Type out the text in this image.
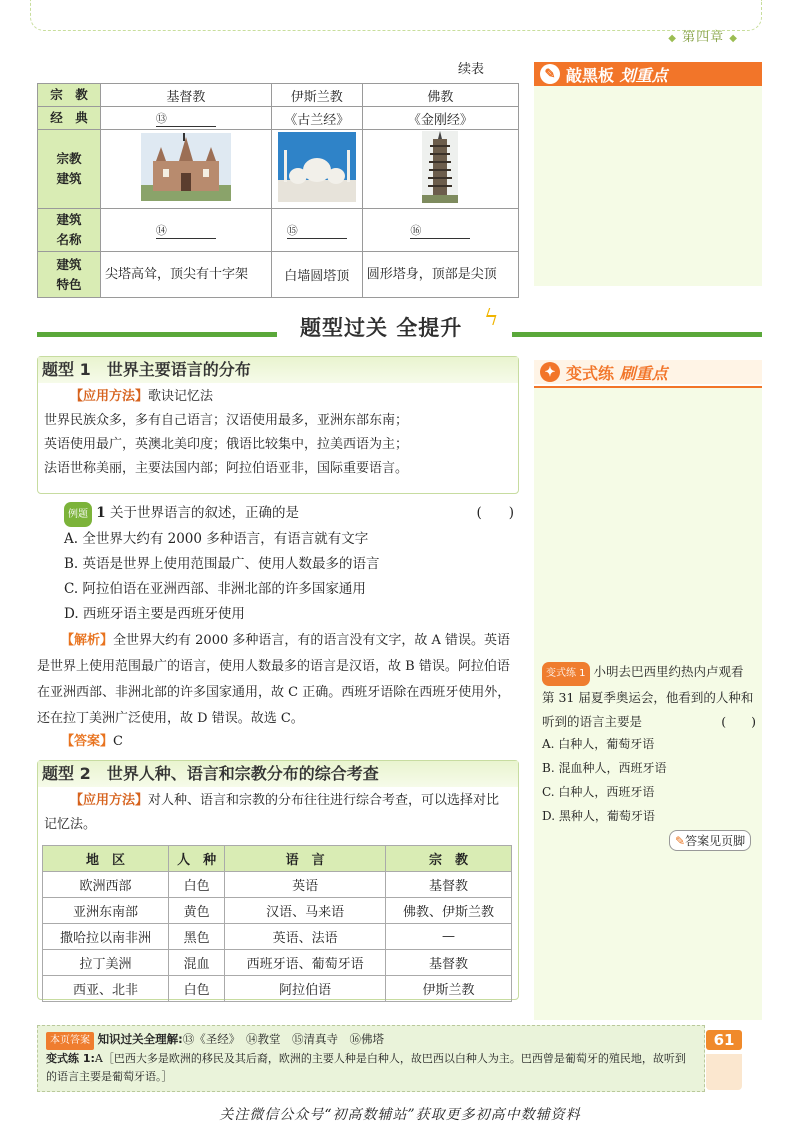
◆ 第四章 ◆
✎ 敲黑板
划重点
续表
宗　教	基督教	伊斯兰教	佛教
经　典	⑬	《古兰经》	《金刚经》
宗教
建筑			
建筑
名称	⑭	⑮	⑯
建筑
特色	尖塔高耸，顶尖有十字架	白墙圆塔顶	圆形塔身，顶部是尖顶
题型过关 全提升 ϟ
✦ 变式练
刷重点
变式练 1 小明去巴西里约热内卢观看第 31 届夏季奥运会，他看到的人种和听到的语言主要是	(　　)
A. 白种人，葡萄牙语
B. 混血种人，西班牙语
C. 白种人，西班牙语
D. 黑种人，葡萄牙语
✎答案见页脚
题型 1　世界主要语言的分布
【应用方法】歌诀记忆法
世界民族众多，多有自己语言；汉语使用最多，亚洲东部东南；
英语使用最广，英澳北美印度；俄语比较集中，拉美西语为主；
法语世称美丽，主要法国内部；阿拉伯语亚非，国际重要语言。
例题 1 关于世界语言的叙述，正确的是	(　　)
A. 全世界大约有 2000 多种语言，有语言就有文字
B. 英语是世界上使用范围最广、使用人数最多的语言
C. 阿拉伯语在亚洲西部、非洲北部的许多国家通用
D. 西班牙语主要是西班牙使用
【解析】全世界大约有 2000 多种语言，有的语言没有文字，故 A 错误。英语是世界上使用范围最广的语言，使用人数最多的语言是汉语，故 B 错误。阿拉伯语在亚洲西部、非洲北部的许多国家通用，故 C 正确。西班牙语除在西班牙使用外，还在拉丁美洲广泛使用，故 D 错误。故选 C。
【答案】C
题型 2　世界人种、语言和宗教分布的综合考查
【应用方法】对人种、语言和宗教的分布往往进行综合考查，可以选择对比记忆法。
地　区	人　种	语　言	宗　教
欧洲西部	白色	英语	基督教
亚洲东南部	黄色	汉语、马来语	佛教、伊斯兰教
撒哈拉以南非洲	黑色	英语、法语	—
拉丁美洲	混血	西班牙语、葡萄牙语	基督教
西亚、北非	白色	阿拉伯语	伊斯兰教
本页答案 知识过关全理解:⑬《圣经》　⑭教堂　⑮清真寺　⑯佛塔
变式练 1:A［巴西大多是欧洲的移民及其后裔，欧洲的主要人种是白种人，故巴西以白种人为主。巴西曾是葡萄牙的殖民地，故听到的语言主要是葡萄牙语。］
61
关注微信公众号“初高数辅站”获取更多初高中数辅资料
